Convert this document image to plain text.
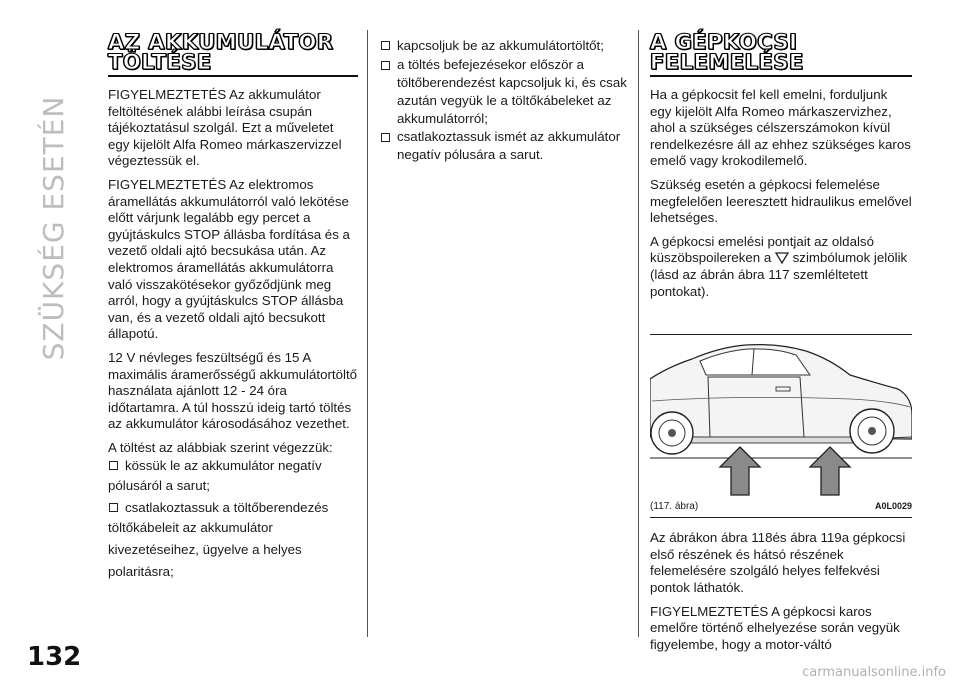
SZÜKSÉG ESETÉN
132
AZ AKKUMULÁTOR
TÖLTÉSE

FIGYELMEZTETÉS Az akkumulátor feltöltésének alábbi leírása csupán tájékoztatásul szolgál. Ezt a műveletet egy kijelölt Alfa Romeo márkaszervizzel végeztessük el.

FIGYELMEZTETÉS Az elektromos áramellátás akkumulátorról való lekötése előtt várjunk legalább egy percet a gyújtáskulcs STOP állásba fordítása és a vezető oldali ajtó becsukása után. Az elektromos áramellátás akkumulátorra való visszakötésekor győződjünk meg arról, hogy a gyújtáskulcs STOP állásba van, és a vezető oldali ajtó becsukott állapotú.

12 V névleges feszültségű és 15 A maximális áramerősségű akkumulátortöltő használata ajánlott 12 - 24 óra időtartamra. A túl hosszú ideig tartó töltés az akkumulátor károsodásához vezethet.

A töltést az alábbiak szerint végezzük:

kössük le az akkumulátor negatív
pólusáról a sarut;
csatlakoztassuk a töltőberendezés
töltőkábeleit az akkumulátor
kivezetéseihez, ügyelve a helyes
polaritásra;
kapcsoljuk be az akkumulátortöltőt;
a töltés befejezésekor először a töltőberendezést kapcsoljuk ki, és csak azután vegyük le a töltőkábeleket az akkumulátorról;
csatlakoztassuk ismét az akkumulátor negatív pólusára a sarut.
A GÉPKOCSI
FELEMELÉSE

Ha a gépkocsit fel kell emelni, forduljunk egy kijelölt Alfa Romeo márkaszervizhez, ahol a szükséges célszerszámokon kívül rendelkezésre áll az ehhez szükséges karos emelő vagy krokodilemelő.

Szükség esetén a gépkocsi felemelése megfelelően leeresztett hidraulikus emelővel lehetséges.

A gépkocsi emelési pontjait az oldalsó küszöbspoilereken a szimbólumok jelölik (lásd az ábrán ábra 117 szemléltetett pontokat).

(117. ábra)	A0L0029

Az ábrákon ábra 118és ábra 119a gépkocsi első részének és hátsó részének felemelésére szolgáló helyes felfekvési pontok láthatók.

FIGYELMEZTETÉS A gépkocsi karos emelőre történő elhelyezése során vegyük figyelembe, hogy a motor-váltó

carmanualsonline.info
